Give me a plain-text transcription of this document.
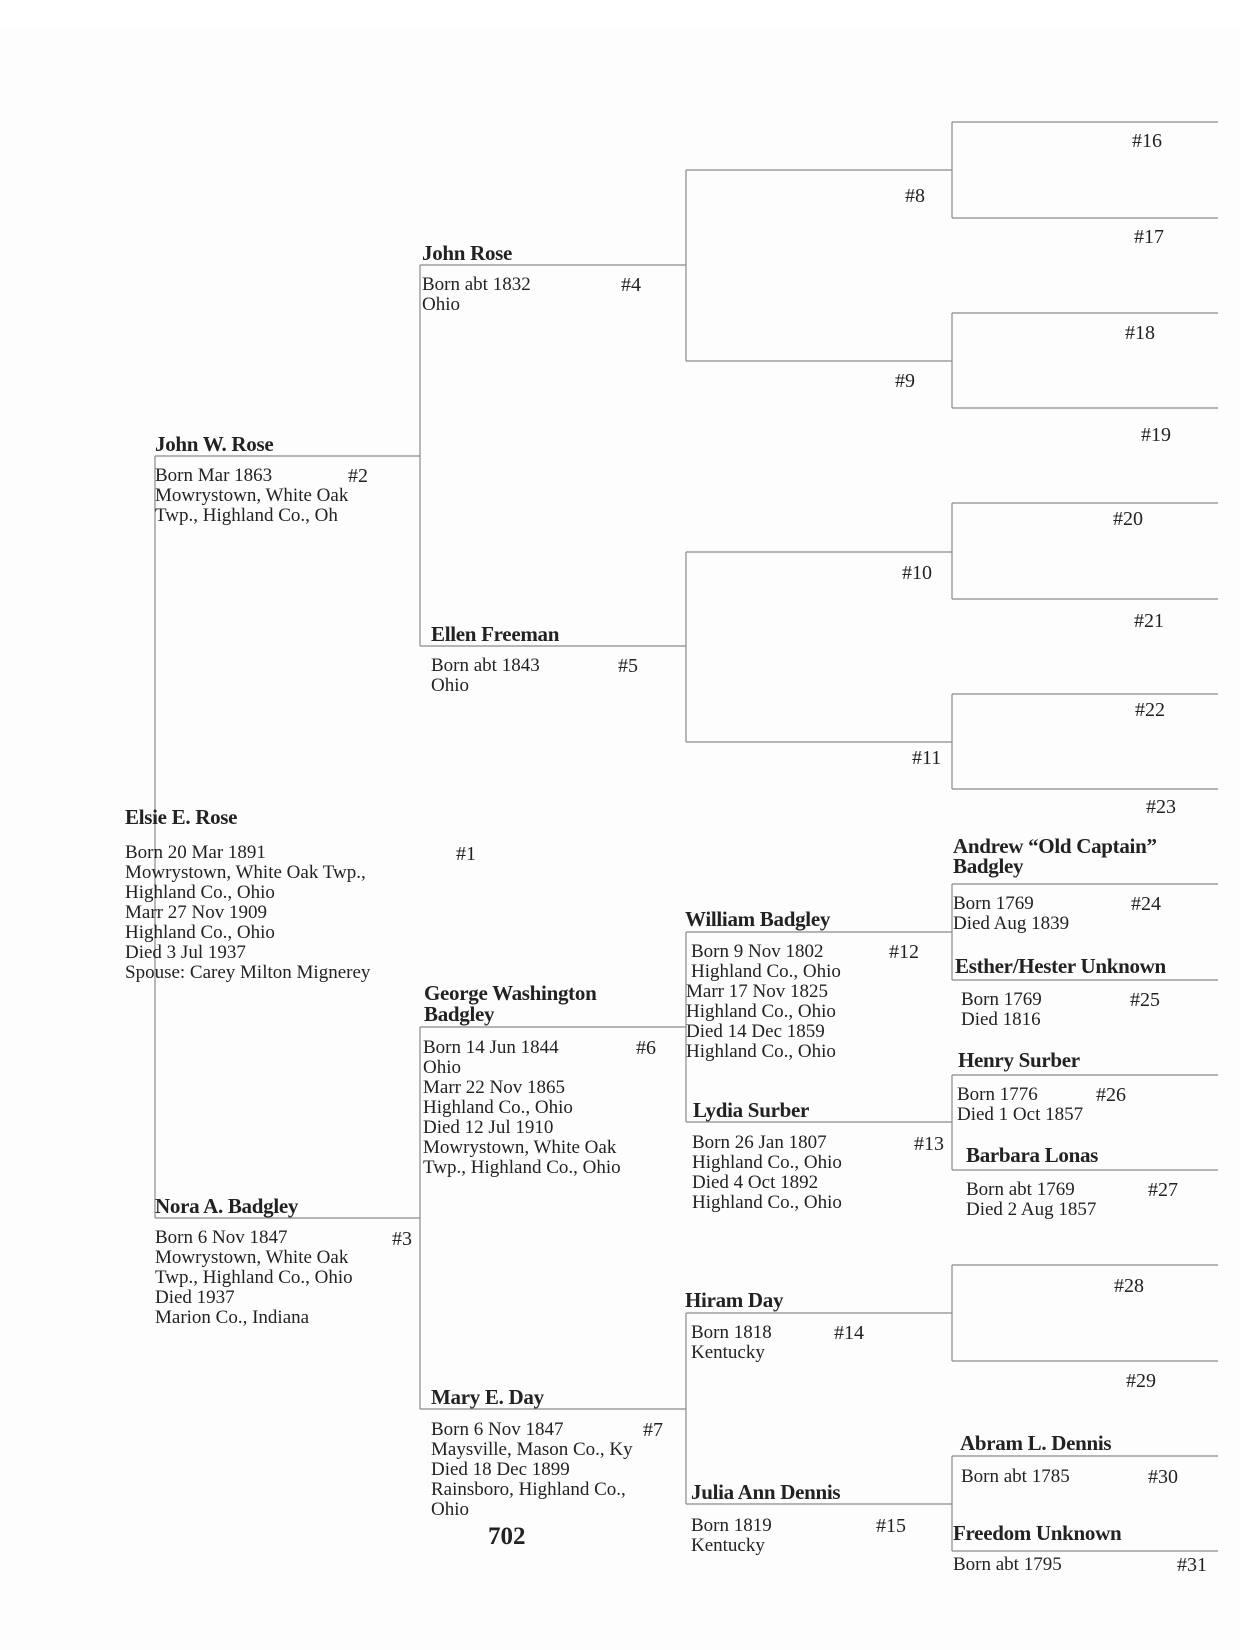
Elsie E. Rose
Born 20 Mar 1891
Mowrystown, White Oak Twp.,
Highland Co., Ohio
Marr 27 Nov 1909
Highland Co., Ohio
Died 3 Jul 1937
Spouse: Carey Milton Mignerey
#1
John W. Rose
Born Mar 1863
Mowrystown, White Oak
Twp., Highland Co., Oh
#2
Nora A. Badgley
Born 6 Nov 1847
Mowrystown, White Oak
Twp., Highland Co., Ohio
Died 1937
Marion Co., Indiana
#3
John Rose
Born abt 1832
Ohio
#4
Ellen Freeman
Born abt 1843
Ohio
#5
George Washington
Badgley
Born 14 Jun 1844
Ohio
Marr 22 Nov 1865
Highland Co., Ohio
Died 12 Jul 1910
Mowrystown, White Oak
Twp., Highland Co., Ohio
#6
Mary E. Day
Born 6 Nov 1847
Maysville, Mason Co., Ky
Died 18 Dec 1899
Rainsboro, Highland Co.,
Ohio
#7
#8
#9
#10
#11
William Badgley
Born 9 Nov 1802
Highland Co., Ohio
Marr 17 Nov 1825
Highland Co., Ohio
Died 14 Dec 1859
Highland Co., Ohio
#12
Lydia Surber
Born 26 Jan 1807
Highland Co., Ohio
Died 4 Oct 1892
Highland Co., Ohio
#13
Hiram Day
Born 1818
Kentucky
#14
Julia Ann Dennis
Born 1819
Kentucky
#15
#16
#17
#18
#19
#20
#21
#22
#23
Andrew “Old Captain”
Badgley
Born 1769
Died Aug 1839
#24
Esther/Hester Unknown
Born 1769
Died 1816
#25
Henry Surber
Born 1776
Died 1 Oct 1857
#26
Barbara Lonas
Born abt 1769
Died 2 Aug 1857
#27
#28
#29
Abram L. Dennis
Born abt 1785	#30
Freedom Unknown
Born abt 1795	#31
702
